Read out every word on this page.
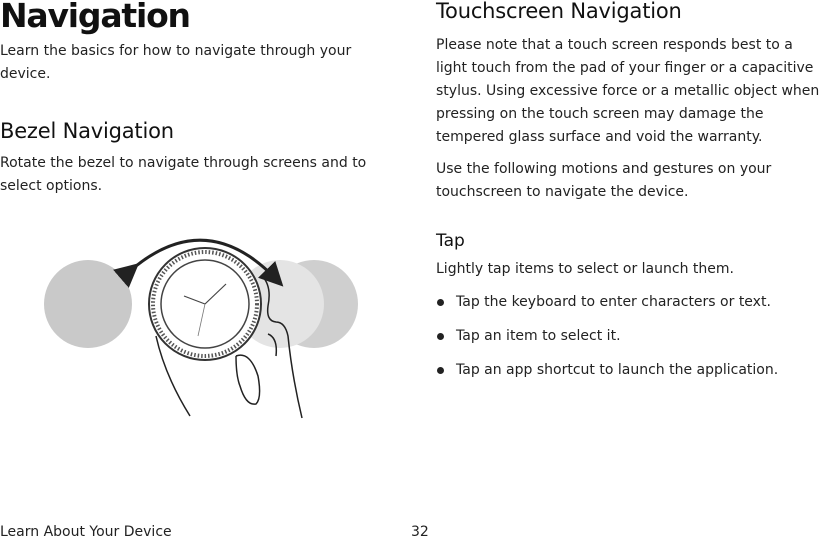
Navigation

Learn the basics for how to navigate through your device.

Bezel Navigation

Rotate the bezel to navigate through screens and to select options.

Touchscreen Navigation

Please note that a touch screen responds best to a light touch from the pad of your finger or a capacitive stylus. Using excessive force or a metallic object when pressing on the touch screen may damage the tempered glass surface and void the warranty.

Use the following motions and gestures on your touchscreen to navigate the device.

Tap

Lightly tap items to select or launch them.

Tap the keyboard to enter characters or text.
Tap an item to select it.
Tap an app shortcut to launch the application.
Learn About Your Device	32
